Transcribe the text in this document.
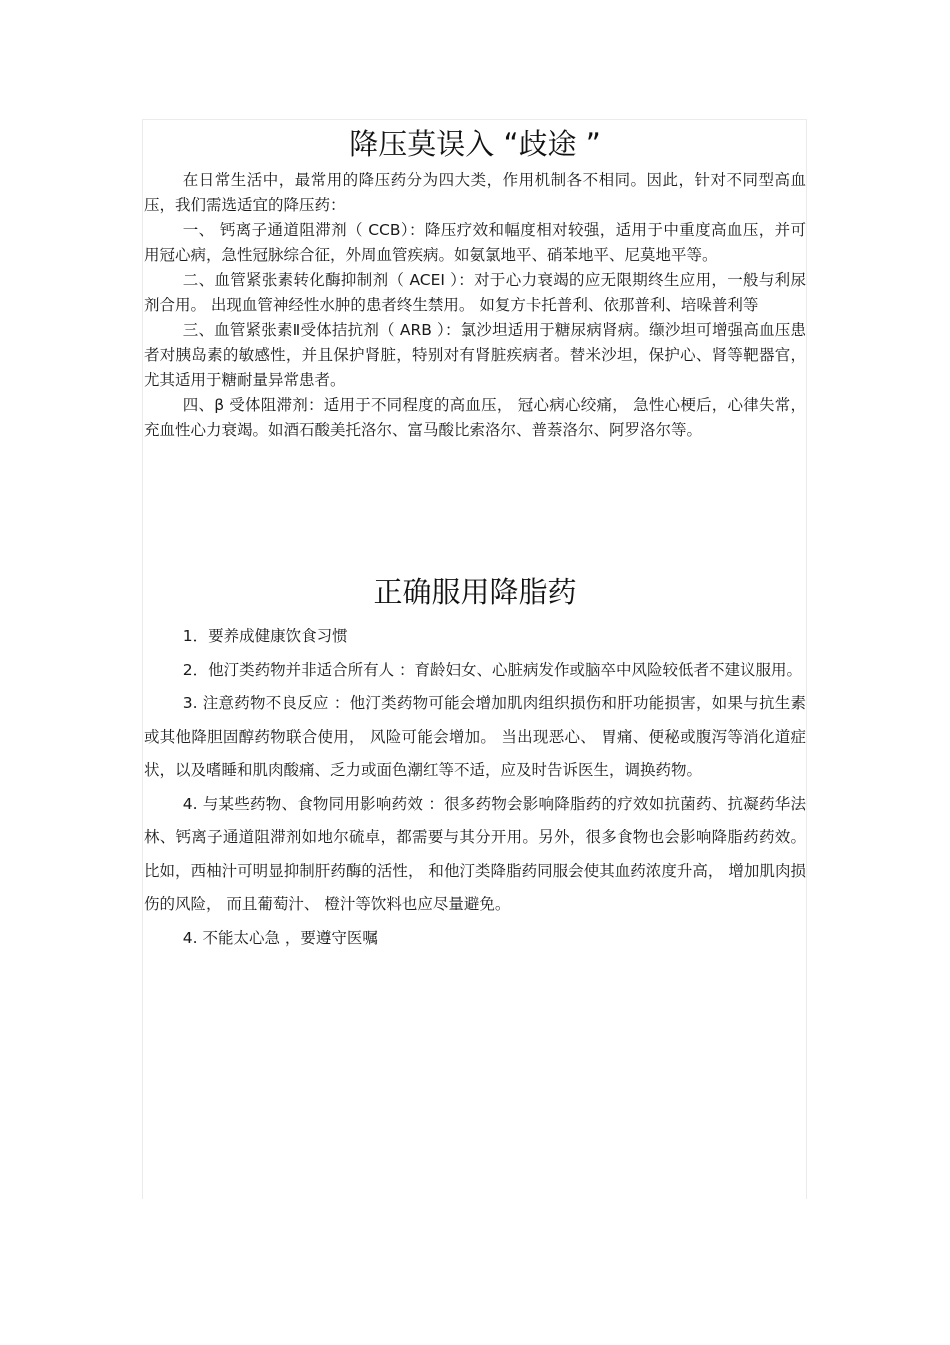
降压莫误入 “歧途 ”

在日常生活中，最常用的降压药分为四大类，作用机制各不相同。因此，针对不同型高血压，我们需选适宜的降压药：

一、 钙离子通道阻滞剂（ CCB）：降压疗效和幅度相对较强，适用于中重度高血压，并可用冠心病，急性冠脉综合征，外周血管疾病。如氨氯地平、硝苯地平、尼莫地平等。

二、血管紧张素转化酶抑制剂（ ACEI ）：对于心力衰竭的应无限期终生应用，一般与利尿剂合用。 出现血管神经性水肿的患者终生禁用。 如复方卡托普利、依那普利、培哚普利等

三、血管紧张素Ⅱ受体拮抗剂（ ARB ）：氯沙坦适用于糖尿病肾病。缬沙坦可增强高血压患者对胰岛素的敏感性，并且保护肾脏，特别对有肾脏疾病者。替米沙坦，保护心、肾等靶器官，尤其适用于糖耐量异常患者。

四、β 受体阻滞剂：适用于不同程度的高血压， 冠心病心绞痛， 急性心梗后，心律失常，充血性心力衰竭。如酒石酸美托洛尔、富马酸比索洛尔、普萘洛尔、阿罗洛尔等。

正确服用降脂药

1．要养成健康饮食习惯

2．他汀类药物并非适合所有人 ：育龄妇女、心脏病发作或脑卒中风险较低者不建议服用。

3. 注意药物不良反应 ：他汀类药物可能会增加肌肉组织损伤和肝功能损害，如果与抗生素或其他降胆固醇药物联合使用， 风险可能会增加。 当出现恶心、 胃痛、便秘或腹泻等消化道症状，以及嗜睡和肌肉酸痛、乏力或面色潮红等不适，应及时告诉医生，调换药物。

4. 与某些药物、食物同用影响药效 ：很多药物会影响降脂药的疗效如抗菌药、抗凝药华法林、钙离子通道阻滞剂如地尔硫卓，都需要与其分开用。另外，很多食物也会影响降脂药药效。 比如，西柚汁可明显抑制肝药酶的活性， 和他汀类降脂药同服会使其血药浓度升高， 增加肌肉损伤的风险， 而且葡萄汁、 橙汁等饮料也应尽量避免。

4. 不能太心急 ，要遵守医嘱
